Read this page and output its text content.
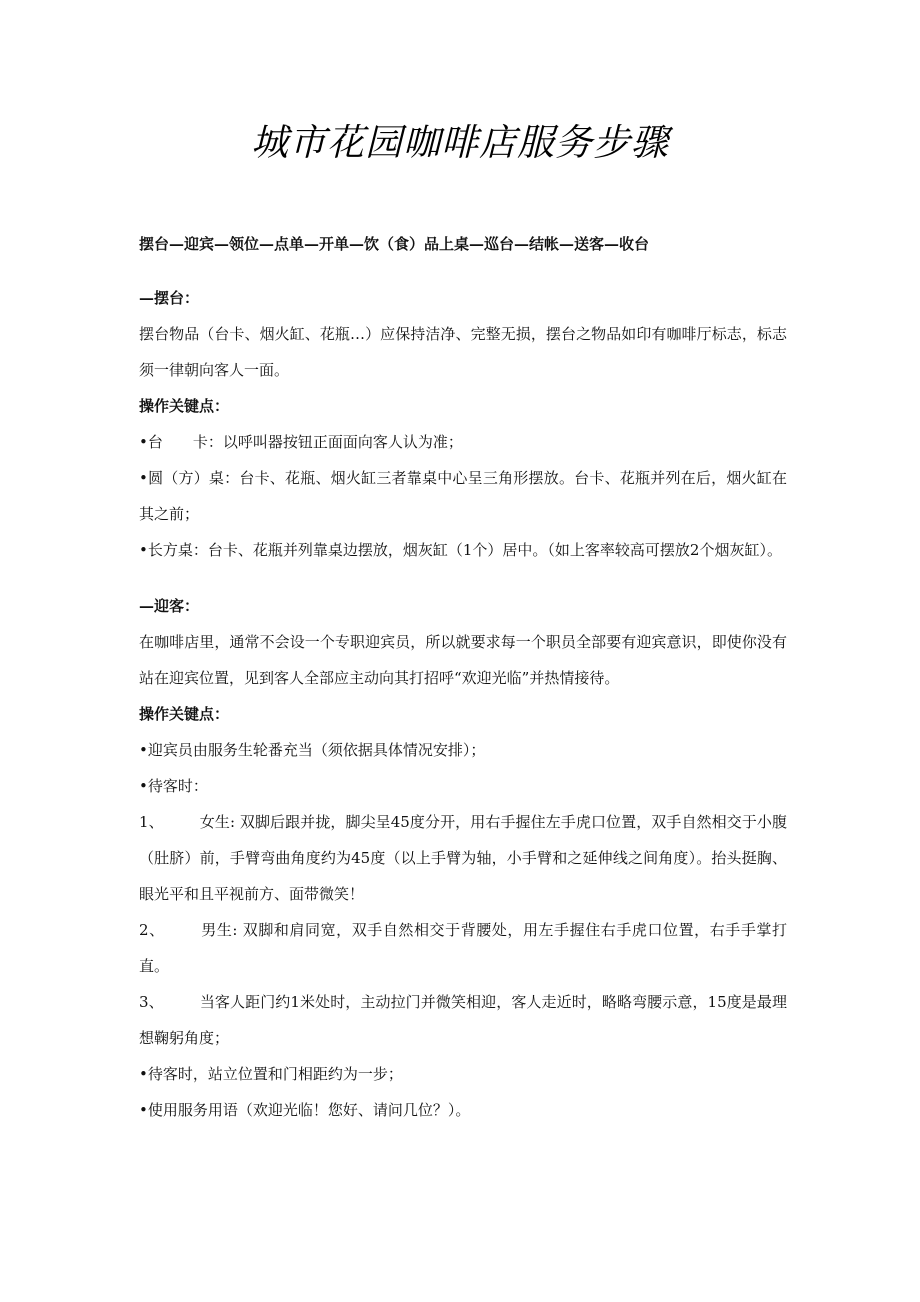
城市花园咖啡店服务步骤
摆台—迎宾—领位—点单—开单—饮（食）品上桌—巡台—结帐—送客—收台
—摆台：
摆台物品（台卡、烟火缸、花瓶…）应保持洁净、完整无损，摆台之物品如印有咖啡厅标志，标志须一律朝向客人一面。
操作关键点：
•台　　卡：以呼叫器按钮正面面向客人认为准；
•圆（方）桌：台卡、花瓶、烟火缸三者靠桌中心呈三角形摆放。台卡、花瓶并列在后，烟火缸在其之前；
•长方桌：台卡、花瓶并列靠桌边摆放，烟灰缸（1个）居中。（如上客率较高可摆放2个烟灰缸）。
—迎客：
在咖啡店里，通常不会设一个专职迎宾员，所以就要求每一个职员全部要有迎宾意识，即使你没有站在迎宾位置，见到客人全部应主动向其打招呼“欢迎光临”并热情接待。
操作关键点：
•迎宾员由服务生轮番充当（须依据具体情况安排）；
•待客时：
1、 女生: 双脚后跟并拢，脚尖呈45度分开，用右手握住左手虎口位置，双手自然相交于小腹（肚脐）前，手臂弯曲角度约为45度（以上手臂为轴，小手臂和之延伸线之间角度）。抬头挺胸、眼光平和且平视前方、面带微笑！
2、 男生: 双脚和肩同宽，双手自然相交于背腰处，用左手握住右手虎口位置，右手手掌打直。
3、 当客人距门约1米处时，主动拉门并微笑相迎，客人走近时，略略弯腰示意，15度是最理想鞠躬角度；
•待客时，站立位置和门相距约为一步；
•使用服务用语（欢迎光临！您好、请问几位？）。
